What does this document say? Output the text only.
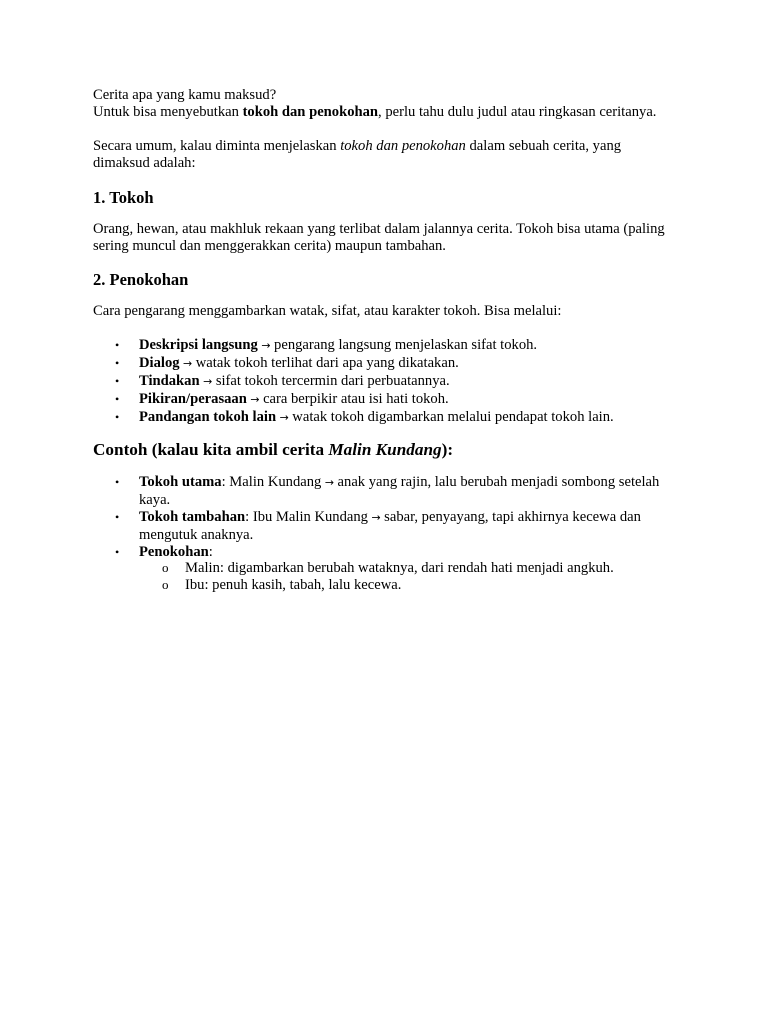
Cerita apa yang kamu maksud?
Untuk bisa menyebutkan tokoh dan penokohan, perlu tahu dulu judul atau ringkasan ceritanya.

Secara umum, kalau diminta menjelaskan tokoh dan penokohan dalam sebuah cerita, yang dimaksud adalah:

1. Tokoh

Orang, hewan, atau makhluk rekaan yang terlibat dalam jalannya cerita. Tokoh bisa utama (paling sering muncul dan menggerakkan cerita) maupun tambahan.

2. Penokohan

Cara pengarang menggambarkan watak, sifat, atau karakter tokoh. Bisa melalui:

• Deskripsi langsung → pengarang langsung menjelaskan sifat tokoh.
• Dialog → watak tokoh terlihat dari apa yang dikatakan.
• Tindakan → sifat tokoh tercermin dari perbuatannya.
• Pikiran/perasaan → cara berpikir atau isi hati tokoh.
• Pandangan tokoh lain → watak tokoh digambarkan melalui pendapat tokoh lain.
Contoh (kalau kita ambil cerita Malin Kundang):
• Tokoh utama: Malin Kundang → anak yang rajin, lalu berubah menjadi sombong setelah kaya.
• Tokoh tambahan: Ibu Malin Kundang → sabar, penyayang, tapi akhirnya kecewa dan mengutuk anaknya.
• Penokohan:
o Malin: digambarkan berubah wataknya, dari rendah hati menjadi angkuh.
o Ibu: penuh kasih, tabah, lalu kecewa.
